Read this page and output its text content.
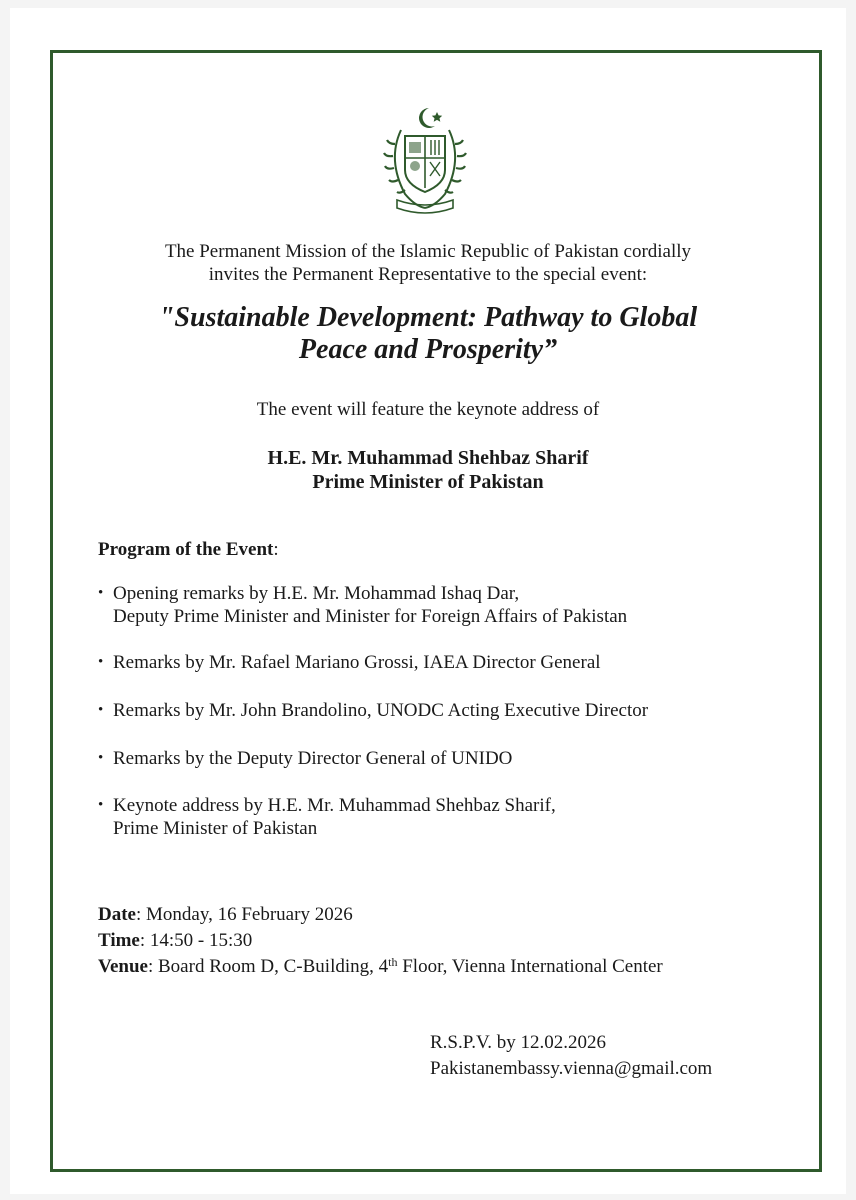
The Permanent Mission of the Islamic Republic of Pakistan cordially
invites the Permanent Representative to the special event:
"Sustainable Development: Pathway to Global
Peace and Prosperity”
The event will feature the keynote address of
H.E. Mr. Muhammad Shehbaz Sharif
Prime Minister of Pakistan
Program of the Event:
• Opening remarks by H.E. Mr. Mohammad Ishaq Dar,
Deputy Prime Minister and Minister for Foreign Affairs of Pakistan
• Remarks by Mr. Rafael Mariano Grossi, IAEA Director General
• Remarks by Mr. John Brandolino, UNODC Acting Executive Director
• Remarks by the Deputy Director General of UNIDO
• Keynote address by H.E. Mr. Muhammad Shehbaz Sharif,
Prime Minister of Pakistan
Date: Monday, 16 February 2026
Time: 14:50 - 15:30
Venue: Board Room D, C-Building, 4th Floor, Vienna International Center
R.S.P.V. by 12.02.2026
Pakistanembassy.vienna@gmail.com
